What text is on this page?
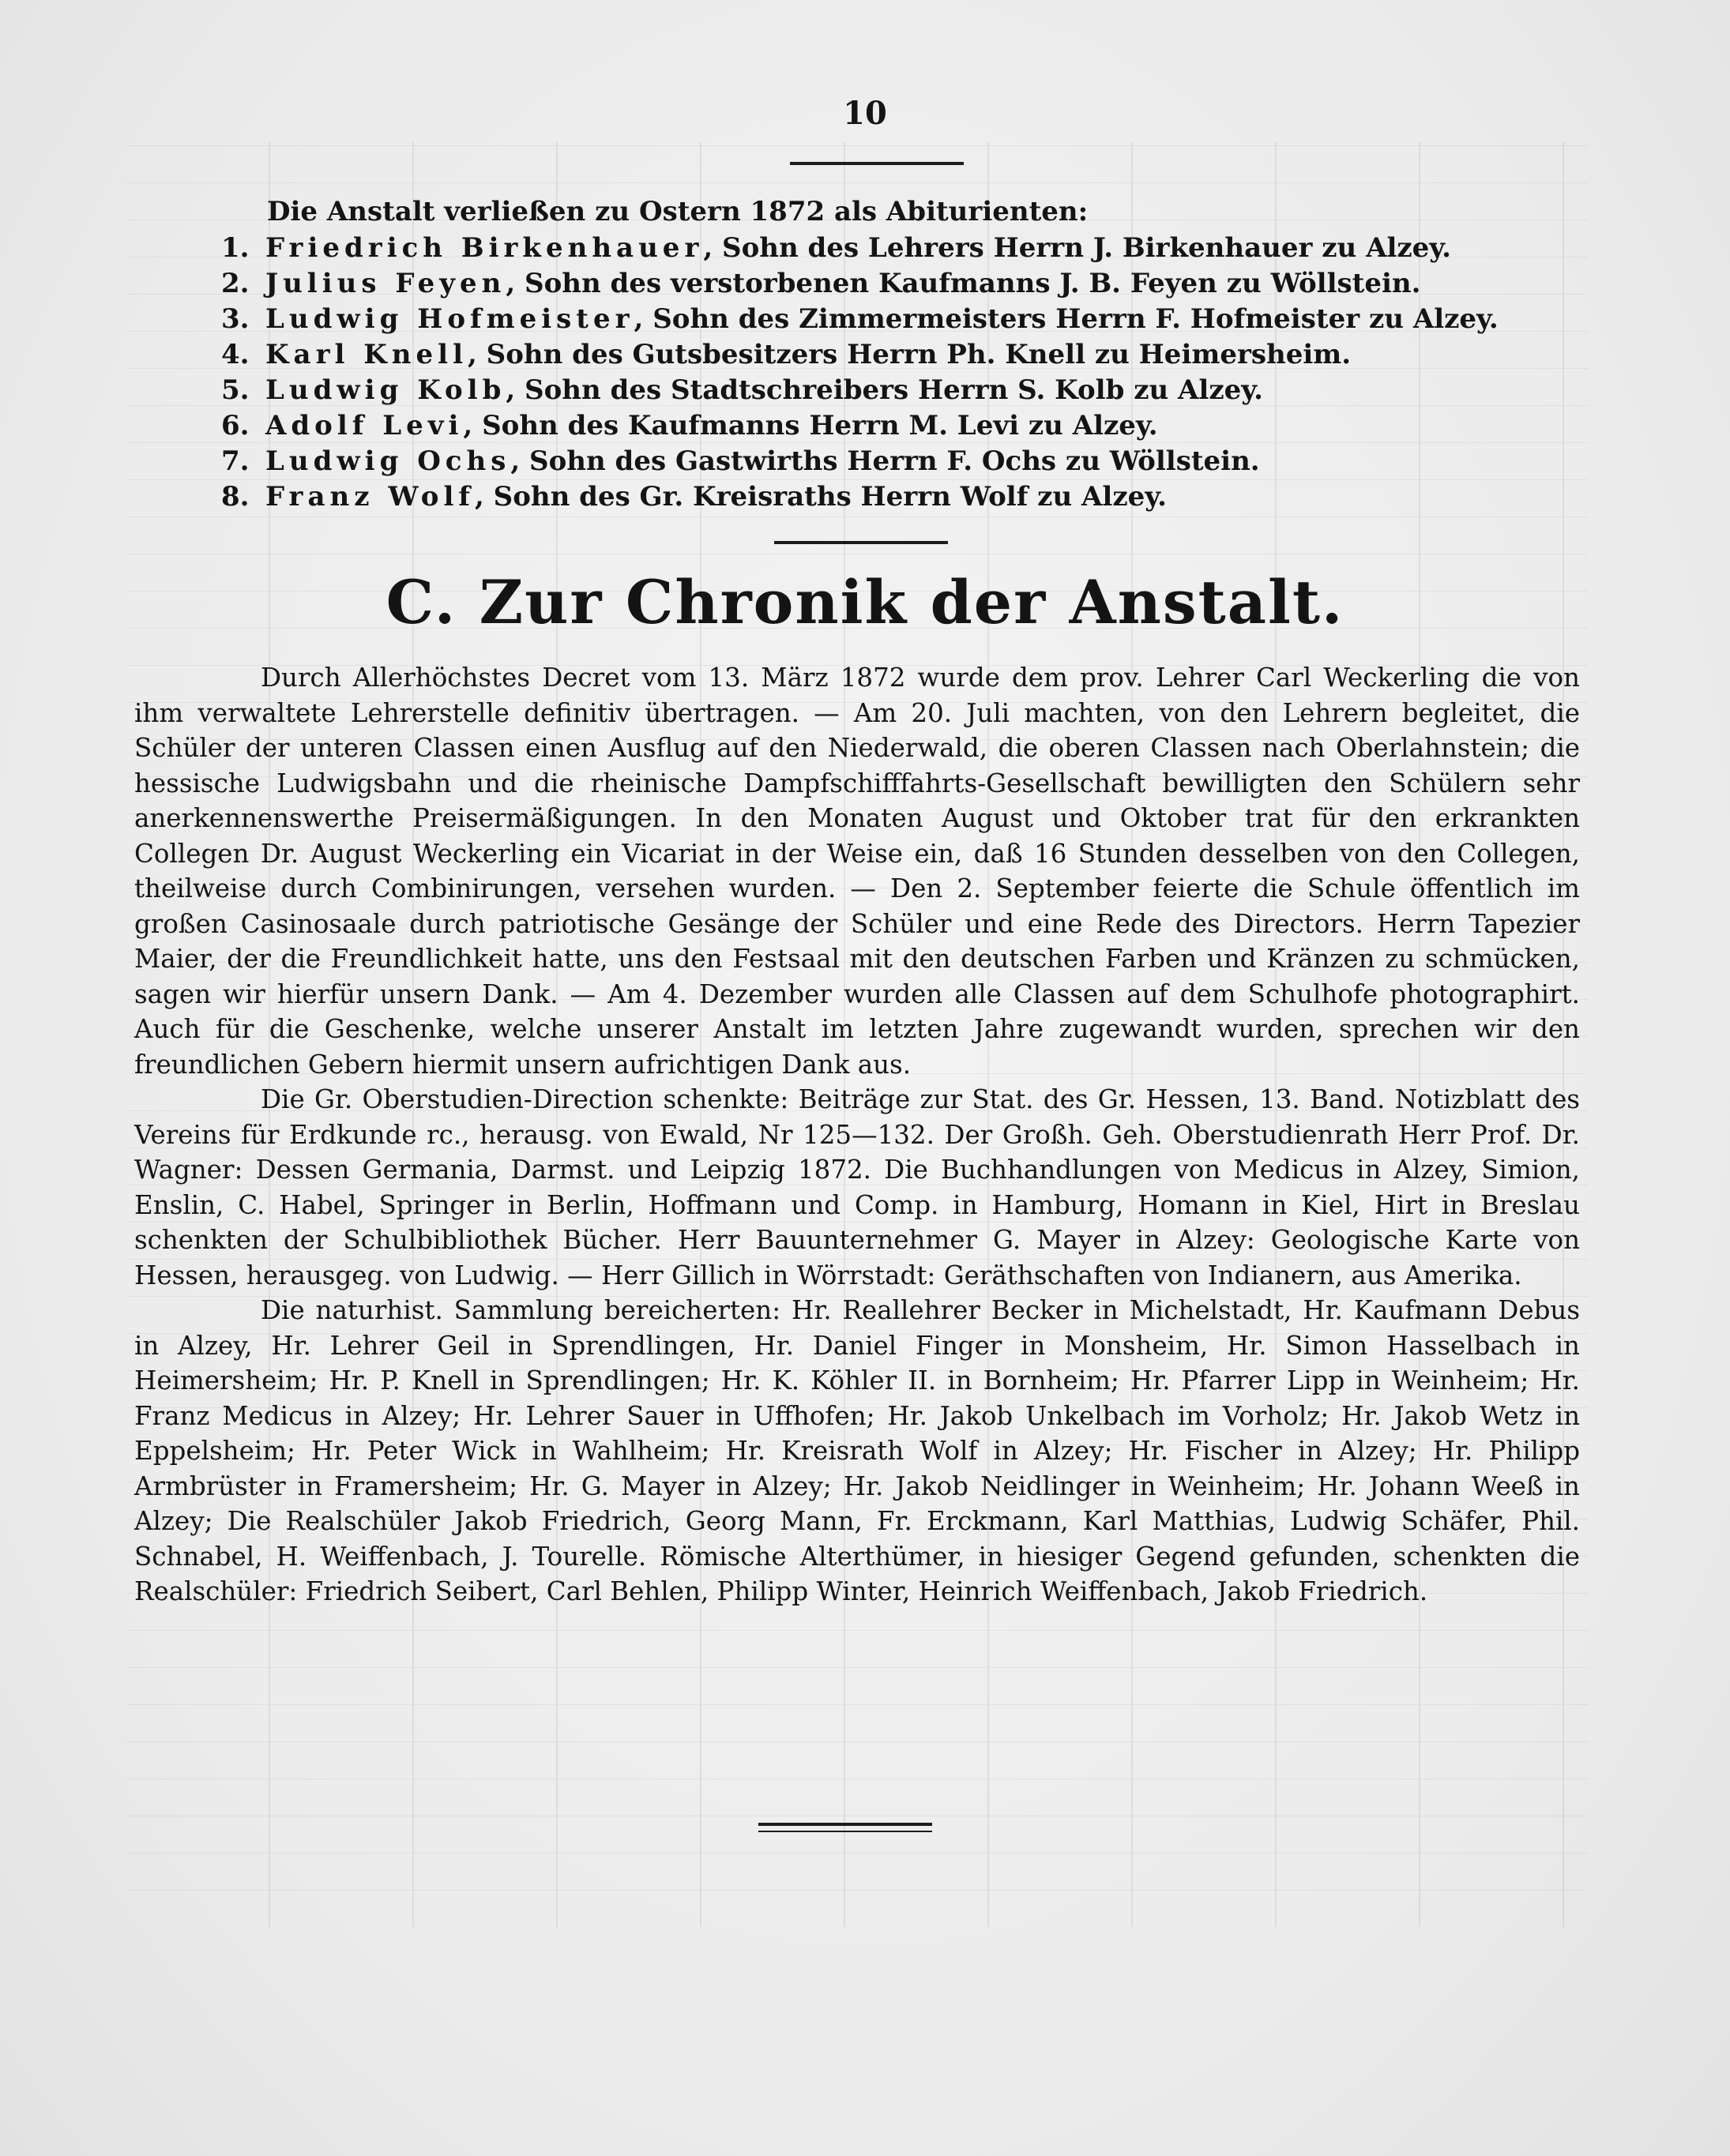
10
Die Anstalt verließen zu Ostern 1872 als Abiturienten:
1. Friedrich Birkenhauer, Sohn des Lehrers Herrn J. Birkenhauer zu Alzey.
2. Julius Feyen, Sohn des verstorbenen Kaufmanns J. B. Feyen zu Wöllstein.
3. Ludwig Hofmeister, Sohn des Zimmermeisters Herrn F. Hofmeister zu Alzey.
4. Karl Knell, Sohn des Gutsbesitzers Herrn Ph. Knell zu Heimersheim.
5. Ludwig Kolb, Sohn des Stadtschreibers Herrn S. Kolb zu Alzey.
6. Adolf Levi, Sohn des Kaufmanns Herrn M. Levi zu Alzey.
7. Ludwig Ochs, Sohn des Gastwirths Herrn F. Ochs zu Wöllstein.
8. Franz Wolf, Sohn des Gr. Kreisraths Herrn Wolf zu Alzey.
C. Zur Chronik der Anstalt.

Durch Allerhöchstes Decret vom 13. März 1872 wurde dem prov. Lehrer Carl Weckerling die von ihm verwaltete Lehrerstelle definitiv übertragen. — Am 20. Juli machten, von den Lehrern begleitet, die Schüler der unteren Classen einen Ausflug auf den Niederwald, die oberen Classen nach Oberlahnstein; die hessische Ludwigsbahn und die rheinische Dampfschifffahrts-Gesellschaft bewilligten den Schülern sehr anerkennenswerthe Preisermäßigungen. In den Monaten August und Oktober trat für den erkrankten Collegen Dr. August Weckerling ein Vicariat in der Weise ein, daß 16 Stunden desselben von den Collegen, theilweise durch Combinirungen, versehen wurden. — Den 2. September feierte die Schule öffentlich im großen Casinosaale durch patriotische Gesänge der Schüler und eine Rede des Directors. Herrn Tapezier Maier, der die Freundlichkeit hatte, uns den Festsaal mit den deutschen Farben und Kränzen zu schmücken, sagen wir hierfür unsern Dank. — Am 4. Dezember wurden alle Classen auf dem Schulhofe photographirt. Auch für die Geschenke, welche unserer Anstalt im letzten Jahre zugewandt wurden, sprechen wir den freundlichen Gebern hiermit unsern aufrichtigen Dank aus.

Die Gr. Oberstudien-Direction schenkte: Beiträge zur Stat. des Gr. Hessen, 13. Band. Notizblatt des Vereins für Erdkunde rc., herausg. von Ewald, Nr 125—132. Der Großh. Geh. Oberstudienrath Herr Prof. Dr. Wagner: Dessen Germania, Darmst. und Leipzig 1872. Die Buchhandlungen von Medicus in Alzey, Simion, Enslin, C. Habel, Springer in Berlin, Hoffmann und Comp. in Hamburg, Homann in Kiel, Hirt in Breslau schenkten der Schulbibliothek Bücher. Herr Bauunternehmer G. Mayer in Alzey: Geologische Karte von Hessen, herausgeg. von Ludwig. — Herr Gillich in Wörrstadt: Geräthschaften von Indianern, aus Amerika.

Die naturhist. Sammlung bereicherten: Hr. Reallehrer Becker in Michelstadt, Hr. Kaufmann Debus in Alzey, Hr. Lehrer Geil in Sprendlingen, Hr. Daniel Finger in Monsheim, Hr. Simon Hasselbach in Heimersheim; Hr. P. Knell in Sprendlingen; Hr. K. Köhler II. in Bornheim; Hr. Pfarrer Lipp in Weinheim; Hr. Franz Medicus in Alzey; Hr. Lehrer Sauer in Uffhofen; Hr. Jakob Unkelbach im Vorholz; Hr. Jakob Wetz in Eppelsheim; Hr. Peter Wick in Wahlheim; Hr. Kreisrath Wolf in Alzey; Hr. Fischer in Alzey; Hr. Philipp Armbrüster in Framersheim; Hr. G. Mayer in Alzey; Hr. Jakob Neidlinger in Weinheim; Hr. Johann Weeß in Alzey; Die Realschüler Jakob Friedrich, Georg Mann, Fr. Erckmann, Karl Matthias, Ludwig Schäfer, Phil. Schnabel, H. Weiffenbach, J. Tourelle. Römische Alterthümer, in hiesiger Gegend gefunden, schenkten die Realschüler: Friedrich Seibert, Carl Behlen, Philipp Winter, Heinrich Weiffenbach, Jakob Friedrich.
